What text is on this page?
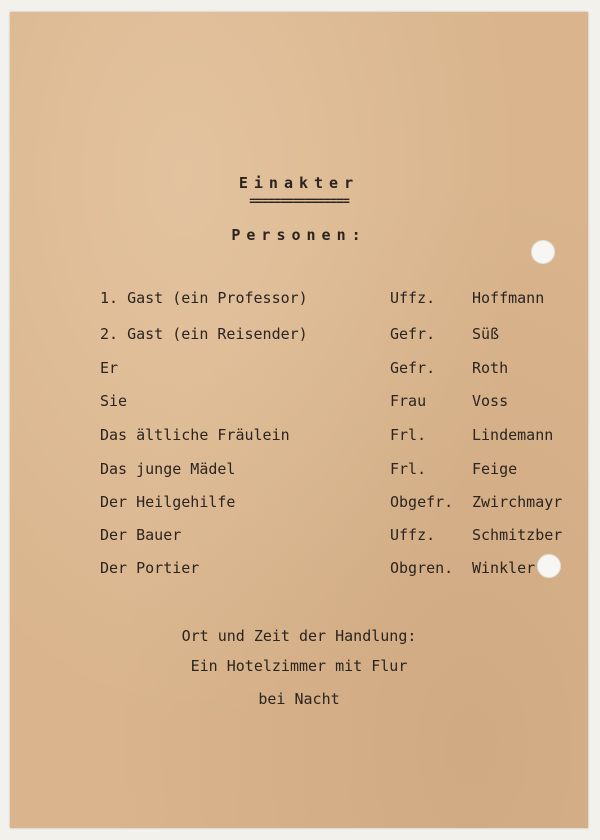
Einakter
================
Personen:
1. Gast (ein Professor)	Uffz. Hoffmann
2. Gast (ein Reisender)	Gefr. Süß
Er	Gefr. Roth
Sie	Frau	Voss
Das ältliche Fräulein	Frl.	Lindemann
Das junge Mädel	Frl.	Feige
Der Heilgehilfe	Obgefr. Zwirchmayr
Der Bauer	Uffz. Schmitzber
Der Portier	Obgren. Winkler
Ort und Zeit der Handlung:
Ein Hotelzimmer mit Flur
bei Nacht
